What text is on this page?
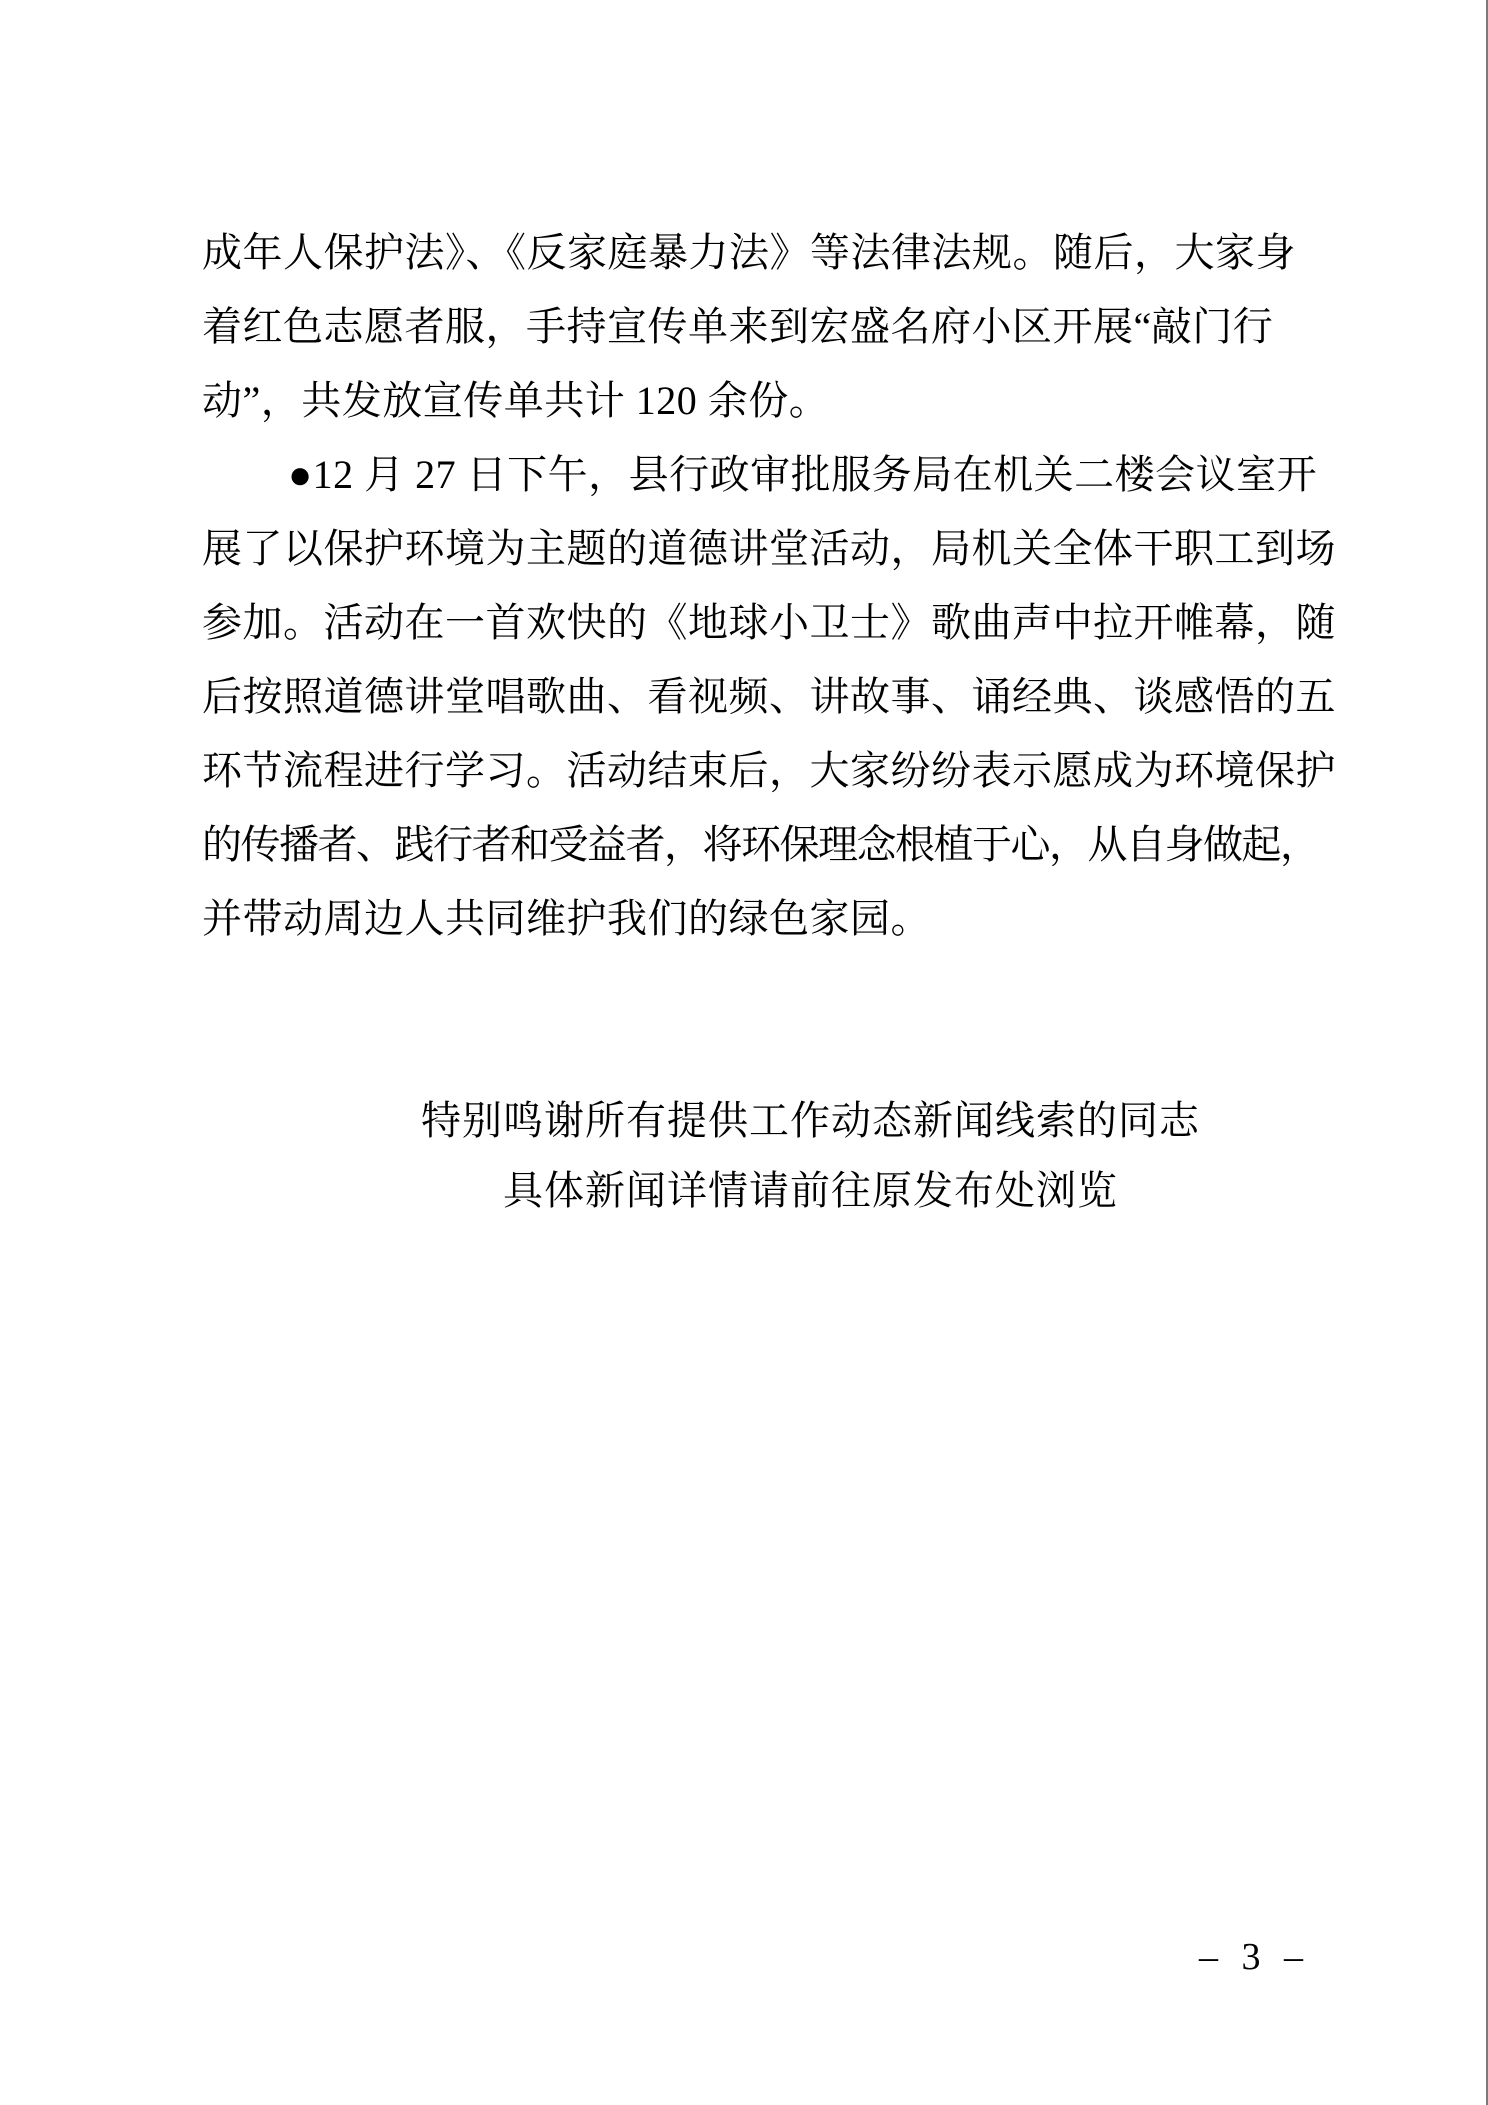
成年人保护法》、《反家庭暴力法》等法律法规。随后，大家身
着红色志愿者服，手持宣传单来到宏盛名府小区开展“敲门行
动”，共发放宣传单共计 120 余份。
●12 月 27 日下午，县行政审批服务局在机关二楼会议室开
展了以保护环境为主题的道德讲堂活动，局机关全体干职工到场
参加。活动在一首欢快的《地球小卫士》歌曲声中拉开帷幕，随
后按照道德讲堂唱歌曲、看视频、讲故事、诵经典、谈感悟的五
环节流程进行学习。活动结束后，大家纷纷表示愿成为环境保护
的传播者、践行者和受益者，将环保理念根植于心，从自身做起，
并带动周边人共同维护我们的绿色家园。
特别鸣谢所有提供工作动态新闻线索的同志
具体新闻详情请前往原发布处浏览
– 3 –
